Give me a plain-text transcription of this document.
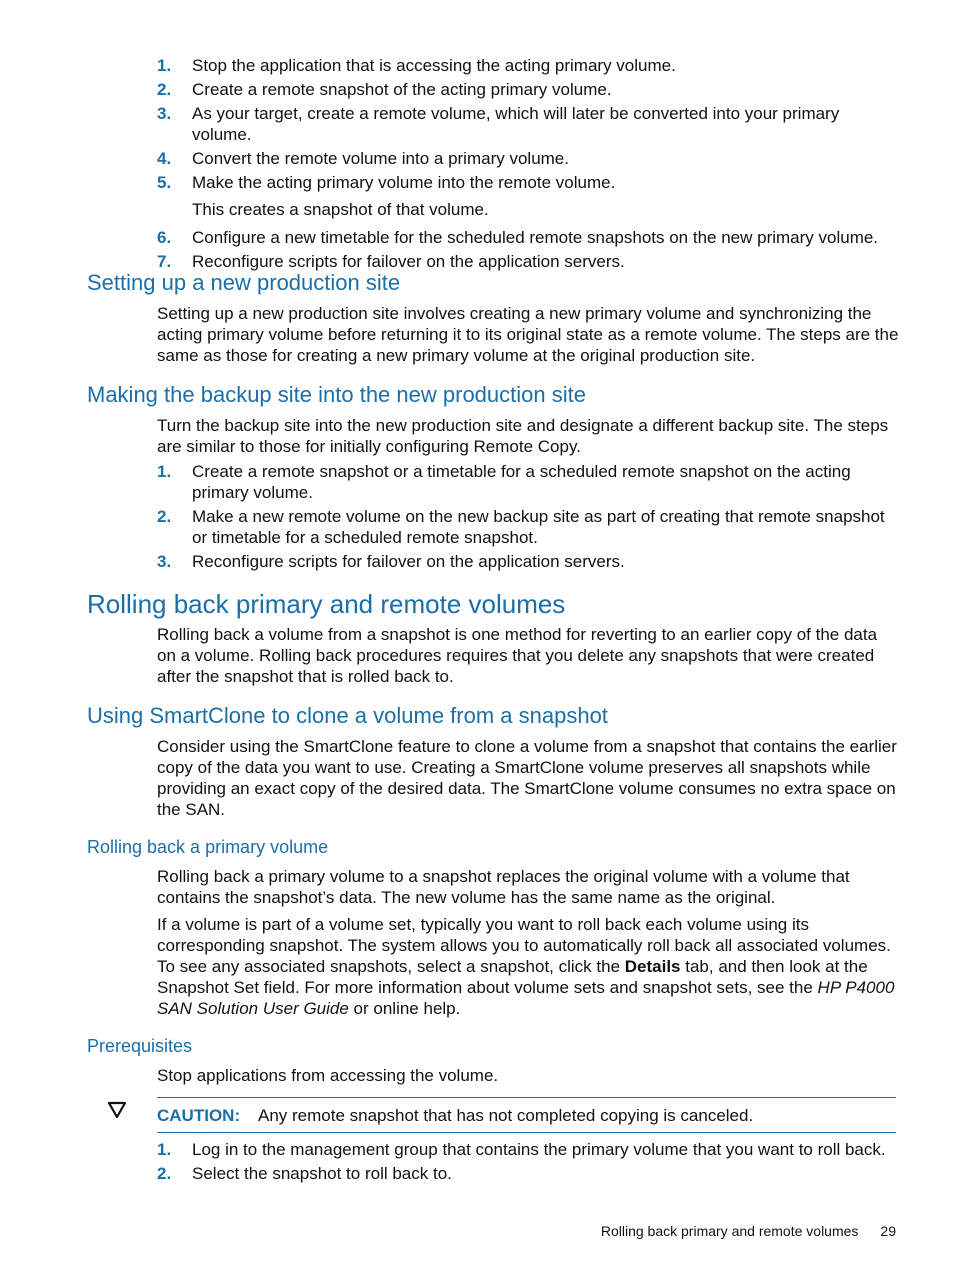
1. Stop the application that is accessing the acting primary volume.
2. Create a remote snapshot of the acting primary volume.
3. As your target, create a remote volume, which will later be converted into your primary volume.
4. Convert the remote volume into a primary volume.
5. Make the acting primary volume into the remote volume.
This creates a snapshot of that volume.
6. Configure a new timetable for the scheduled remote snapshots on the new primary volume.
7. Reconfigure scripts for failover on the application servers.
Setting up a new production site

Setting up a new production site involves creating a new primary volume and synchronizing the acting primary volume before returning it to its original state as a remote volume. The steps are the same as those for creating a new primary volume at the original production site.

Making the backup site into the new production site

Turn the backup site into the new production site and designate a different backup site. The steps are similar to those for initially configuring Remote Copy.

1. Create a remote snapshot or a timetable for a scheduled remote snapshot on the acting primary volume.
2. Make a new remote volume on the new backup site as part of creating that remote snapshot or timetable for a scheduled remote snapshot.
3. Reconfigure scripts for failover on the application servers.
Rolling back primary and remote volumes

Rolling back a volume from a snapshot is one method for reverting to an earlier copy of the data on a volume. Rolling back procedures requires that you delete any snapshots that were created after the snapshot that is rolled back to.

Using SmartClone to clone a volume from a snapshot

Consider using the SmartClone feature to clone a volume from a snapshot that contains the earlier copy of the data you want to use. Creating a SmartClone volume preserves all snapshots while providing an exact copy of the desired data. The SmartClone volume consumes no extra space on the SAN.

Rolling back a primary volume

Rolling back a primary volume to a snapshot replaces the original volume with a volume that contains the snapshot’s data. The new volume has the same name as the original.

If a volume is part of a volume set, typically you want to roll back each volume using its corresponding snapshot. The system allows you to automatically roll back all associated volumes. To see any associated snapshots, select a snapshot, click the Details tab, and then look at the Snapshot Set field. For more information about volume sets and snapshot sets, see the HP P4000 SAN Solution User Guide or online help.

Prerequisites

Stop applications from accessing the volume.

CAUTION: Any remote snapshot that has not completed copying is canceled.
1. Log in to the management group that contains the primary volume that you want to roll back.
2. Select the snapshot to roll back to.
Rolling back primary and remote volumes 29
